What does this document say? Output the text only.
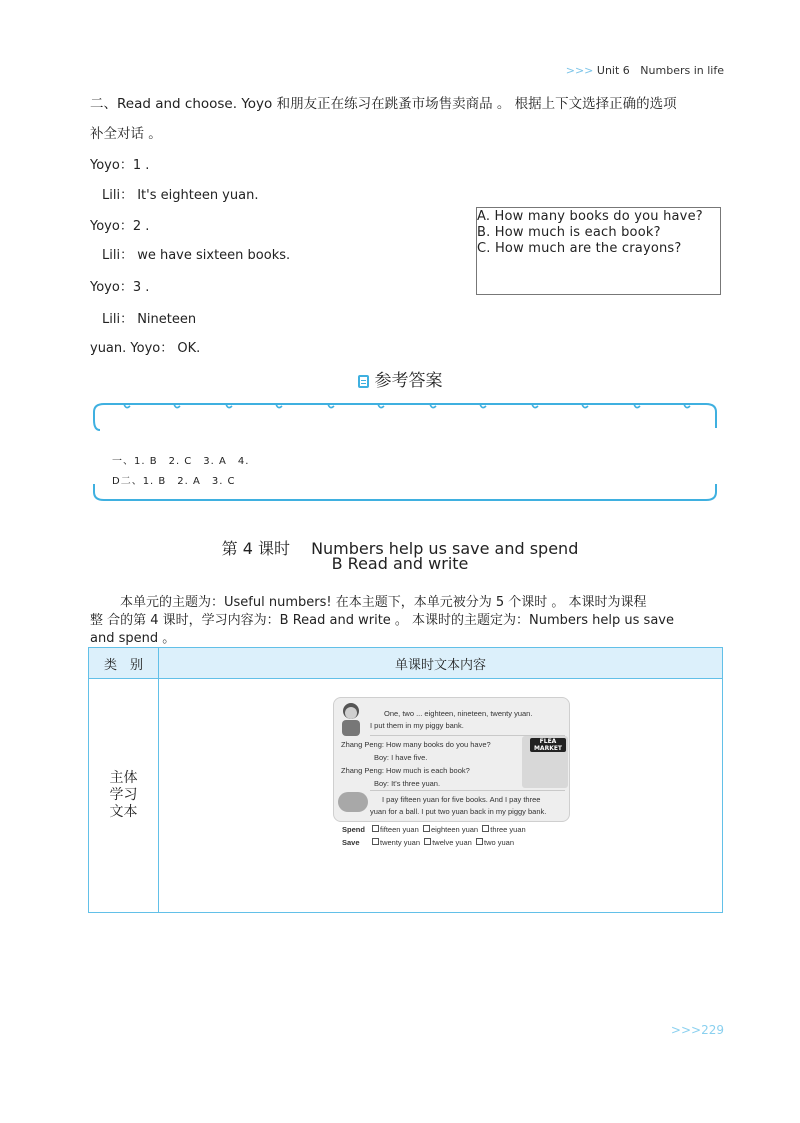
>>> Unit 6 Numbers in life
二、Read and choose. Yoyo 和朋友正在练习在跳蚤市场售卖商品 。 根据上下文选择正确的选项
补全对话 。
Yoyo：1 .
Lili： It's eighteen yuan.
Yoyo：2 .
Lili： we have sixteen books.
Yoyo：3 .
Lili： Nineteen
yuan. Yoyo： OK.
A. How many books do you have?
B. How much is each book?
C. How much are the crayons?
参考答案
一、1. B　2. C　3. A　4.
D二、1. B　2. A　3. C
第 4 课时　 Numbers help us save and spend
B Read and write

本单元的主题为：Useful numbers! 在本主题下，本单元被分为 5 个课时 。 本课时为课程

整 合的第 4 课时，学习内容为：B Read and write 。 本课时的主题定为：Numbers help us save

and spend 。

类　别	单课时文本内容

主体
学习
文本	

One, two ... eighteen, nineteen, twenty yuan.
I put them in my piggy bank.
Zhang Peng: How many books do you have?
Boy: I have five.
Zhang Peng: How much is each book?
Boy: It's three yuan.
FLEA MARKET
I pay fifteen yuan for five books. And I pay three
yuan for a ball. I put two yuan back in my piggy bank.
Spend fifteen yuan eighteen yuan three yuan
Save	twenty yuan twelve yuan two yuan
>>>229
